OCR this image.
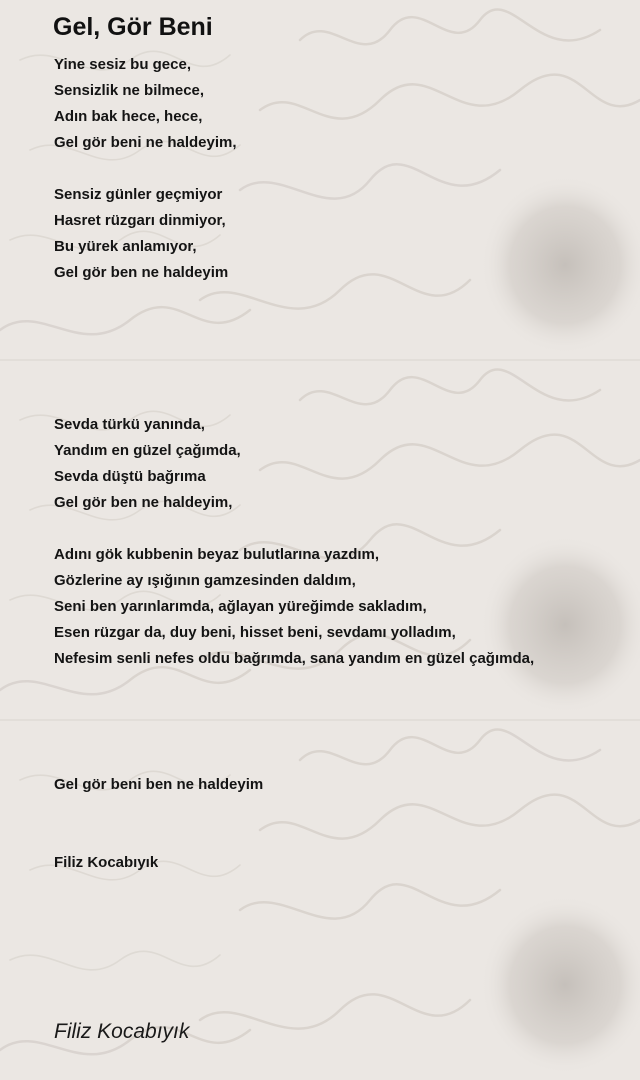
Gel, Gör Beni
Yine sesiz bu gece,
Sensizlik ne bilmece,
Adın bak hece, hece,
Gel gör beni ne haldeyim,
Sensiz günler geçmiyor
Hasret rüzgarı dinmiyor,
Bu yürek anlamıyor,
Gel gör ben ne haldeyim
Sevda türkü yanında,
Yandım en güzel çağımda,
Sevda düştü bağrıma
Gel gör ben ne haldeyim,
Adını gök kubbenin beyaz bulutlarına yazdım,
Gözlerine ay ışığının gamzesinden daldım,
Seni ben yarınlarımda, ağlayan yüreğimde sakladım,
Esen rüzgar da, duy beni, hisset beni, sevdamı yolladım,
Nefesim senli nefes oldu bağrımda, sana yandım en güzel çağımda,
Gel gör beni ben ne haldeyim
Filiz Kocabıyık
Filiz Kocabıyık
